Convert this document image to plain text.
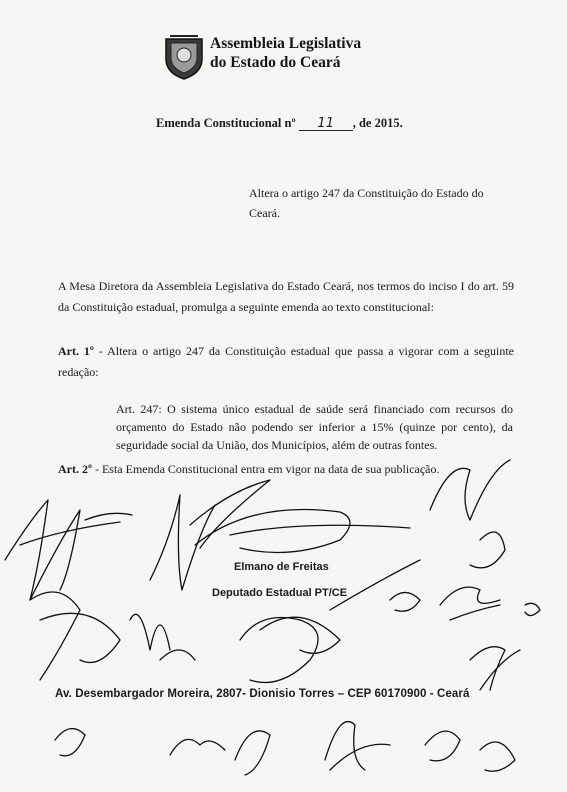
Assembleia Legislativa
do Estado do Ceará
Emenda Constitucional nº 11 , de 2015.
Altera o artigo 247 da Constituição do Estado do Ceará.
A Mesa Diretora da Assembleia Legislativa do Estado Ceará, nos termos do inciso I do art. 59 da Constituição estadual, promulga a seguinte emenda ao texto constitucional:
Art. 1º - Altera o artigo 247 da Constituição estadual que passa a vigorar com a seguinte redação:
Art. 247: O sistema único estadual de saúde será financiado com recursos do orçamento do Estado não podendo ser inferior a 15% (quinze por cento), da seguridade social da União, dos Municípios, além de outras fontes.
Art. 2º - Esta Emenda Constitucional entra em vigor na data de sua publicação.
Elmano de Freitas
Deputado Estadual PT/CE
Av. Desembargador Moreira, 2807- Dionisio Torres – CEP 60170900 - Ceará
